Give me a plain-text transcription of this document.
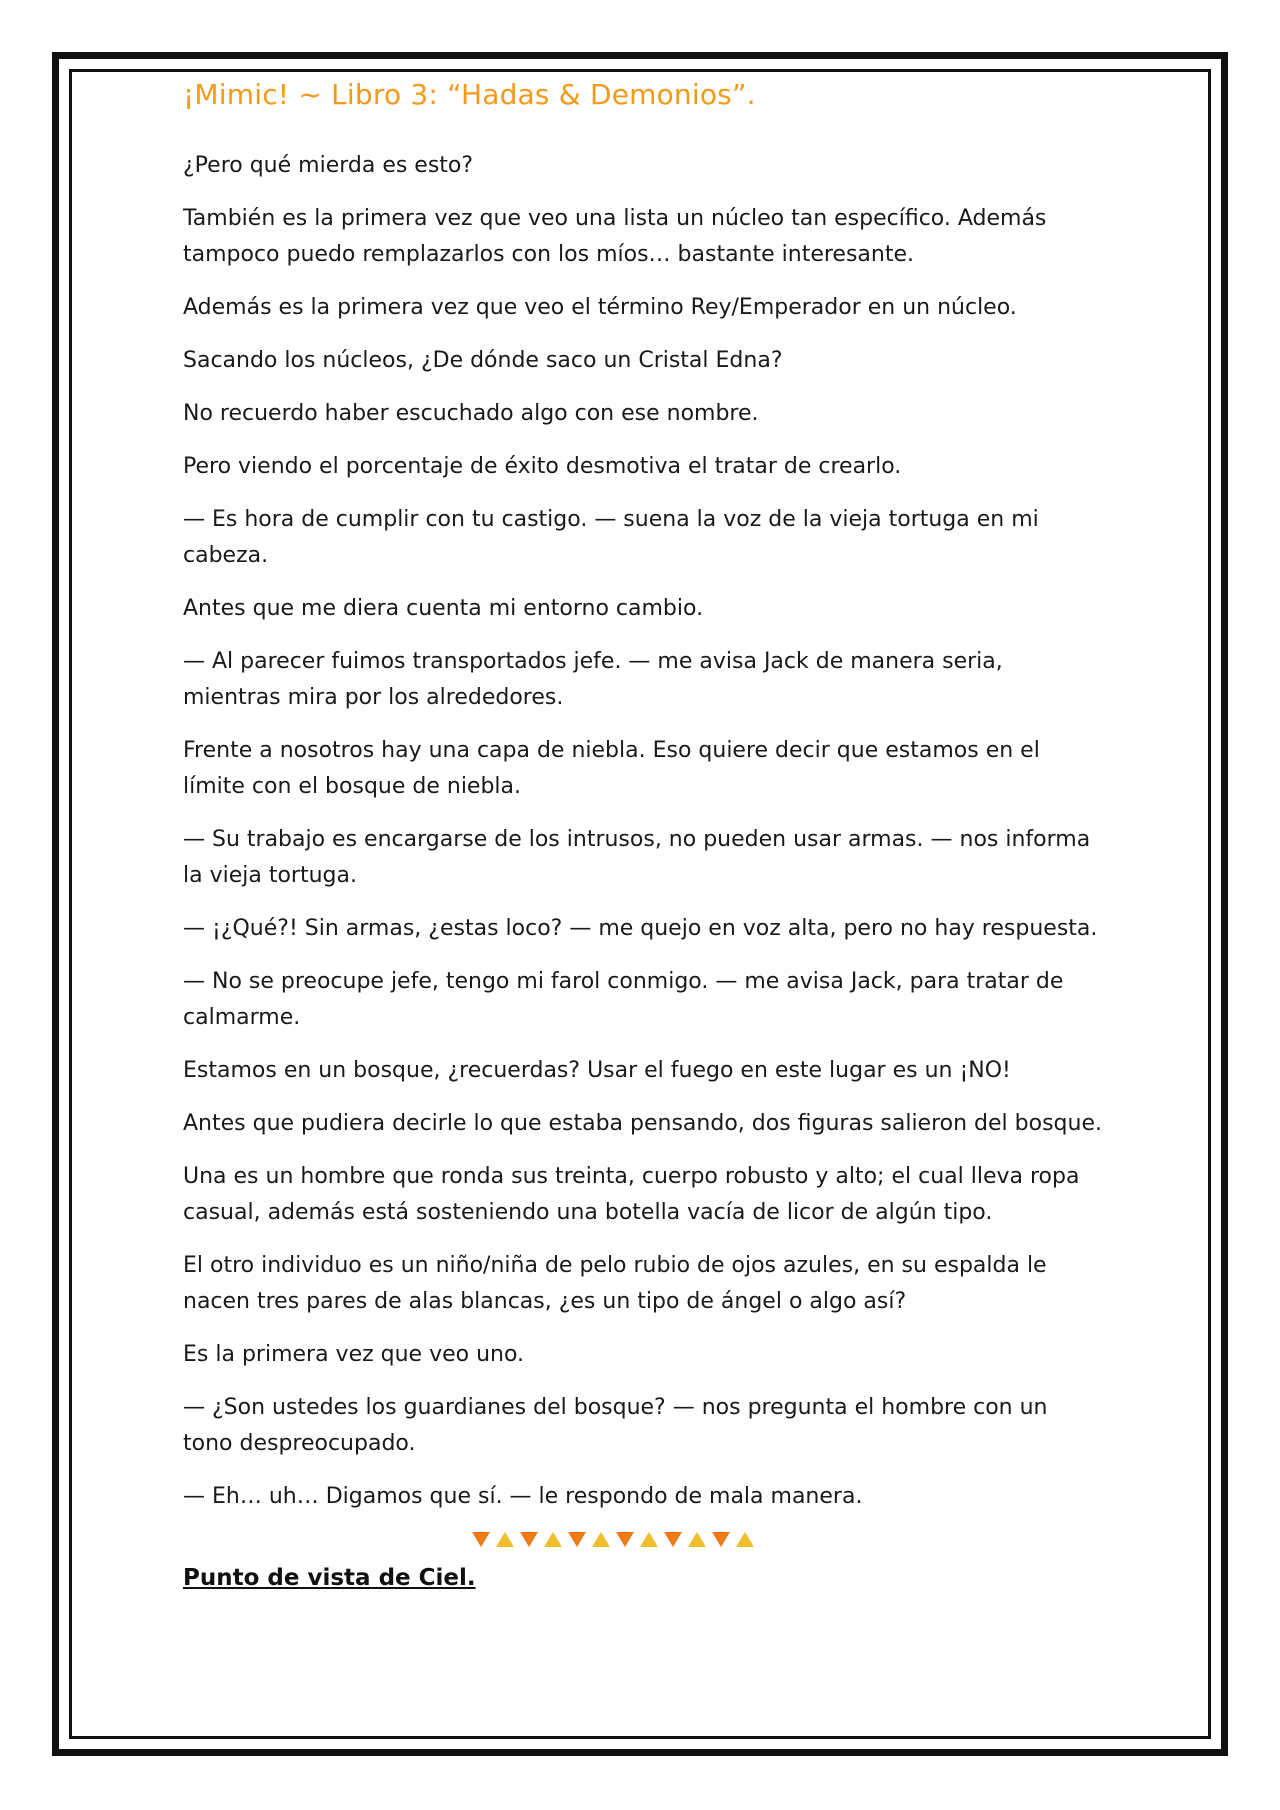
¡Mimic! ~ Libro 3: “Hadas & Demonios”.

¿Pero qué mierda es esto?

También es la primera vez que veo una lista un núcleo tan específico. Además tampoco puedo remplazarlos con los míos… bastante interesante.

Además es la primera vez que veo el término Rey/Emperador en un núcleo.

Sacando los núcleos, ¿De dónde saco un Cristal Edna?

No recuerdo haber escuchado algo con ese nombre.

Pero viendo el porcentaje de éxito desmotiva el tratar de crearlo.

— Es hora de cumplir con tu castigo. — suena la voz de la vieja tortuga en mi cabeza.

Antes que me diera cuenta mi entorno cambio.

— Al parecer fuimos transportados jefe. — me avisa Jack de manera seria, mientras mira por los alrededores.

Frente a nosotros hay una capa de niebla. Eso quiere decir que estamos en el límite con el bosque de niebla.

— Su trabajo es encargarse de los intrusos, no pueden usar armas. — nos informa la vieja tortuga.

— ¡¿Qué?! Sin armas, ¿estas loco? — me quejo en voz alta, pero no hay respuesta.

— No se preocupe jefe, tengo mi farol conmigo. — me avisa Jack, para tratar de calmarme.

Estamos en un bosque, ¿recuerdas? Usar el fuego en este lugar es un ¡NO!

Antes que pudiera decirle lo que estaba pensando, dos figuras salieron del bosque.

Una es un hombre que ronda sus treinta, cuerpo robusto y alto; el cual lleva ropa casual, además está sosteniendo una botella vacía de licor de algún tipo.

El otro individuo es un niño/niña de pelo rubio de ojos azules, en su espalda le nacen tres pares de alas blancas, ¿es un tipo de ángel o algo así?

Es la primera vez que veo uno.

— ¿Son ustedes los guardianes del bosque? — nos pregunta el hombre con un tono despreocupado.

— Eh… uh… Digamos que sí. — le respondo de mala manera.

Punto de vista de Ciel.
